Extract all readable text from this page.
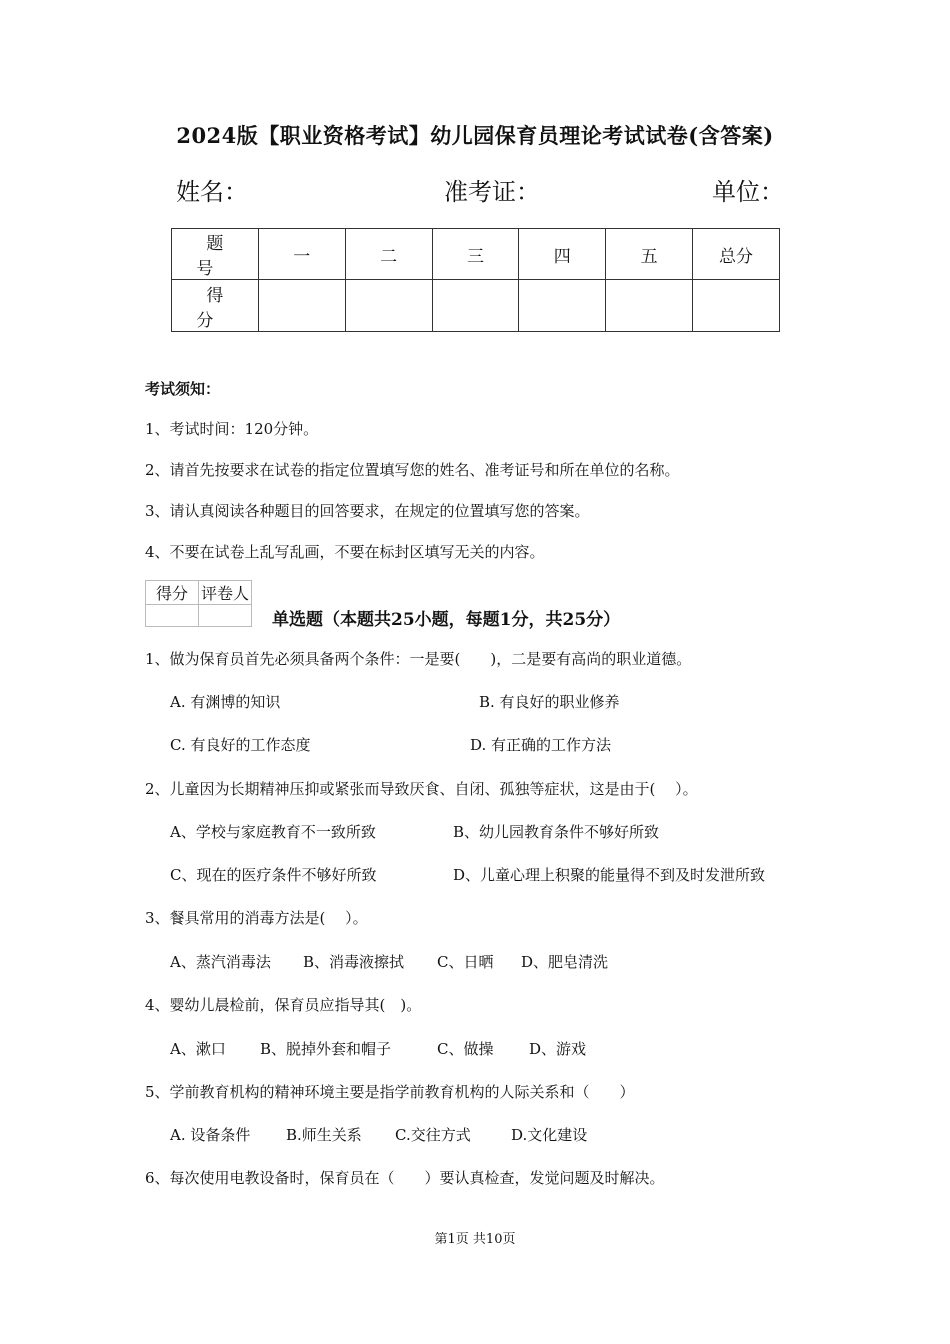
2024版【职业资格考试】幼儿园保育员理论考试试卷(含答案)
姓名：	准考证：	单位：
题 号	一	二	三	四	五	总分
得 分						
考试须知：
1、考试时间：120分钟。
2、请首先按要求在试卷的指定位置填写您的姓名、准考证号和所在单位的名称。
3、请认真阅读各种题目的回答要求，在规定的位置填写您的答案。
4、不要在试卷上乱写乱画，不要在标封区填写无关的内容。
得分	评卷人

单选题（本题共25小题，每题1分，共25分）
1、做为保育员首先必须具备两个条件：一是要(　　)，二是要有高尚的职业道德。
A. 有渊博的知识	B. 有良好的职业修养
C. 有良好的工作态度	D. 有正确的工作方法
2、儿童因为长期精神压抑或紧张而导致厌食、自闭、孤独等症状，这是由于(　 ）。
A、学校与家庭教育不一致所致	B、幼儿园教育条件不够好所致
C、现在的医疗条件不够好所致	D、儿童心理上积聚的能量得不到及时发泄所致
3、餐具常用的消毒方法是(　 ）。
A、蒸汽消毒法 B、消毒液擦拭 C、日晒 D、肥皂清洗
4、婴幼儿晨检前，保育员应指导其(　)。
A、漱口 B、脱掉外套和帽子	C、做操 D、游戏
5、学前教育机构的精神环境主要是指学前教育机构的人际关系和（　　）
A. 设备条件 B.师生关系 C.交往方式	D.文化建设
6、每次使用电教设备时，保育员在（　　）要认真检查，发觉问题及时解决。
第1页 共10页
